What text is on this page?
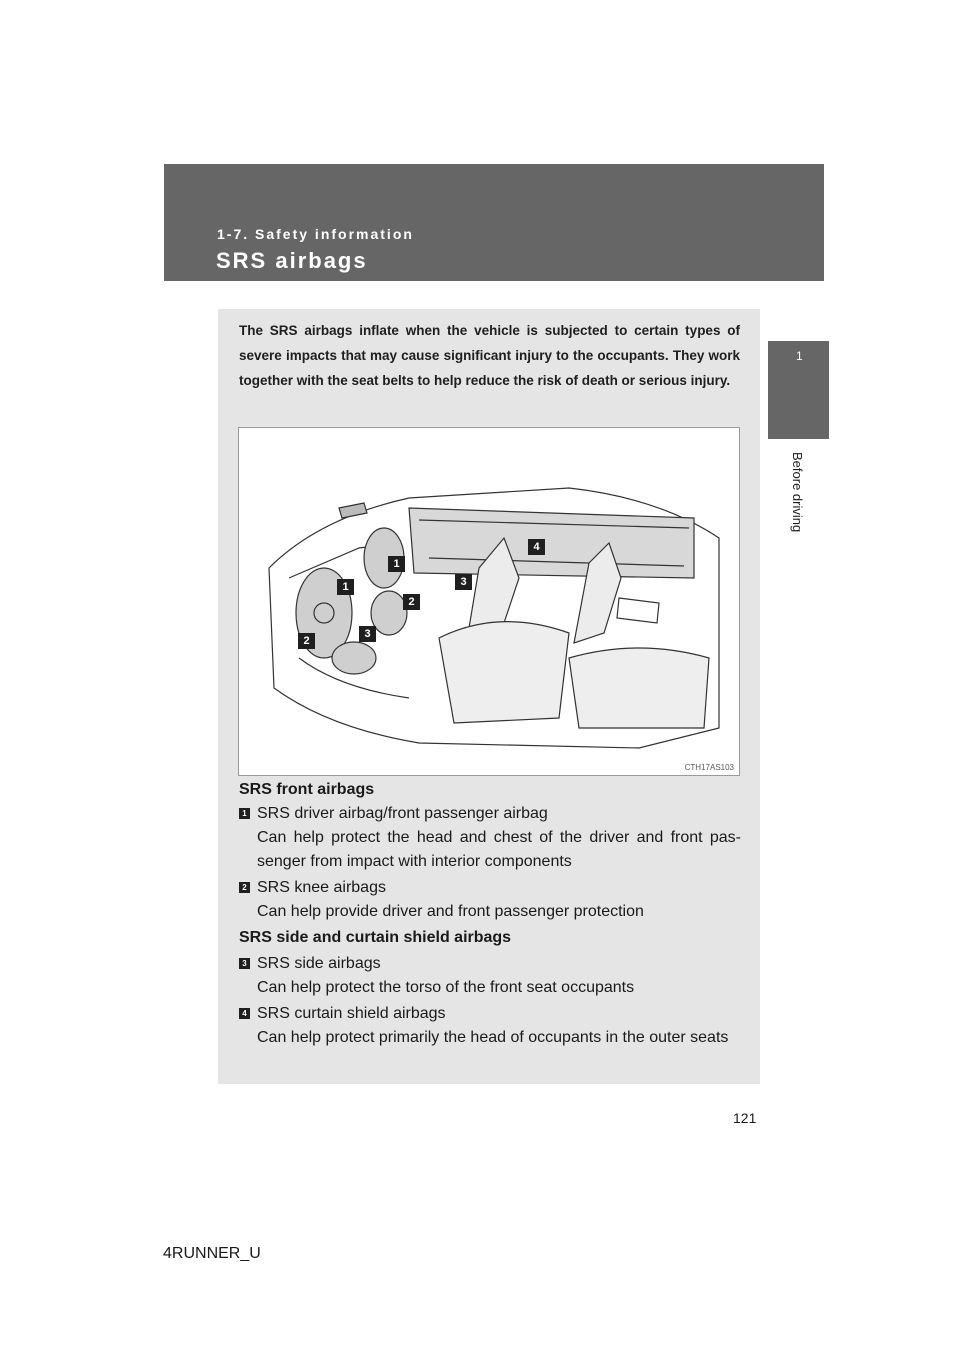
1-7. Safety information
SRS airbags
1
Before driving
The SRS airbags inflate when the vehicle is subjected to certain types of severe impacts that may cause significant injury to the occupants. They work together with the seat belts to help reduce the risk of death or serious injury.
1
1
2
2
3
3
4
CTH17AS103
SRS front airbags
1 SRS driver airbag/front passenger airbag
Can help protect the head and chest of the driver and front pas-senger from impact with interior components
2 SRS knee airbags
Can help provide driver and front passenger protection
SRS side and curtain shield airbags
3 SRS side airbags
Can help protect the torso of the front seat occupants
4 SRS curtain shield airbags
Can help protect primarily the head of occupants in the outer seats
121
4RUNNER_U
